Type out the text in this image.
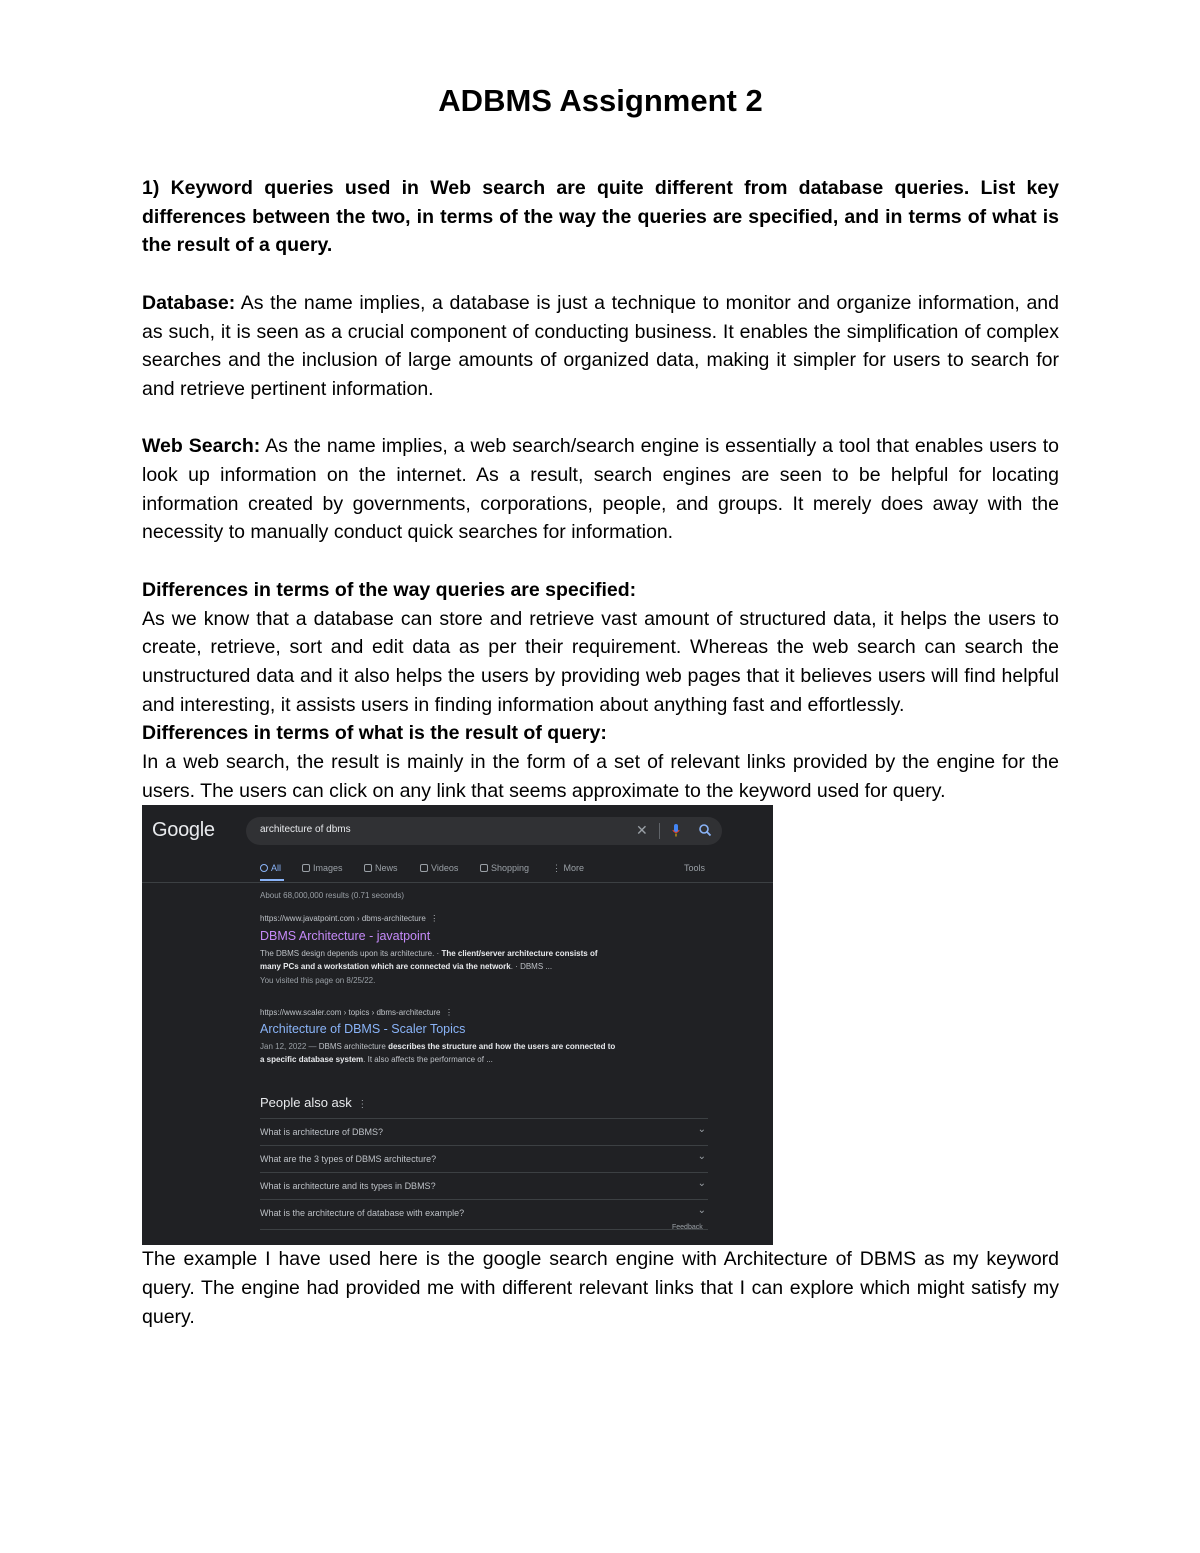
ADBMS Assignment 2

1) Keyword queries used in Web search are quite different from database queries. List key differences between the two, in terms of the way the queries are specified, and in terms of what is the result of a query.

Database: As the name implies, a database is just a technique to monitor and organize information, and as such, it is seen as a crucial component of conducting business. It enables the simplification of complex searches and the inclusion of large amounts of organized data, making it simpler for users to search for and retrieve pertinent information.

Web Search: As the name implies, a web search/search engine is essentially a tool that enables users to look up information on the internet. As a result, search engines are seen to be helpful for locating information created by governments, corporations, people, and groups. It merely does away with the necessity to manually conduct quick searches for information.

Differences in terms of the way queries are specified:

As we know that a database can store and retrieve vast amount of structured data, it helps the users to create, retrieve, sort and edit data as per their requirement. Whereas the web search can search the unstructured data and it also helps the users by providing web pages that it believes users will find helpful and interesting, it assists users in finding information about anything fast and effortlessly.

Differences in terms of what is the result of query:

In a web search, the result is mainly in the form of a set of relevant links provided by the engine for the users. The users can click on any link that seems approximate to the keyword used for query.

Google	architecture of dbms	✕
All	Images	News	Videos	Shopping	⋮ More	Tools
About 68,000,000 results (0.71 seconds)
https://www.javatpoint.com › dbms-architecture  ⋮
DBMS Architecture - javatpoint
The DBMS design depends upon its architecture. · The client/server architecture consists of
many PCs and a workstation which are connected via the network. · DBMS ...
You visited this page on 8/25/22.
https://www.scaler.com › topics › dbms-architecture  ⋮
Architecture of DBMS - Scaler Topics
Jan 12, 2022 — DBMS architecture describes the structure and how the users are connected to
a specific database system. It also affects the performance of ...
People also ask  ⋮
What is architecture of DBMS?	⌄
What are the 3 types of DBMS architecture?	⌄
What is architecture and its types in DBMS?	⌄
What is the architecture of database with example?	⌄
Feedback

The example I have used here is the google search engine with Architecture of DBMS as my keyword query. The engine had provided me with different relevant links that I can explore which might satisfy my query.
